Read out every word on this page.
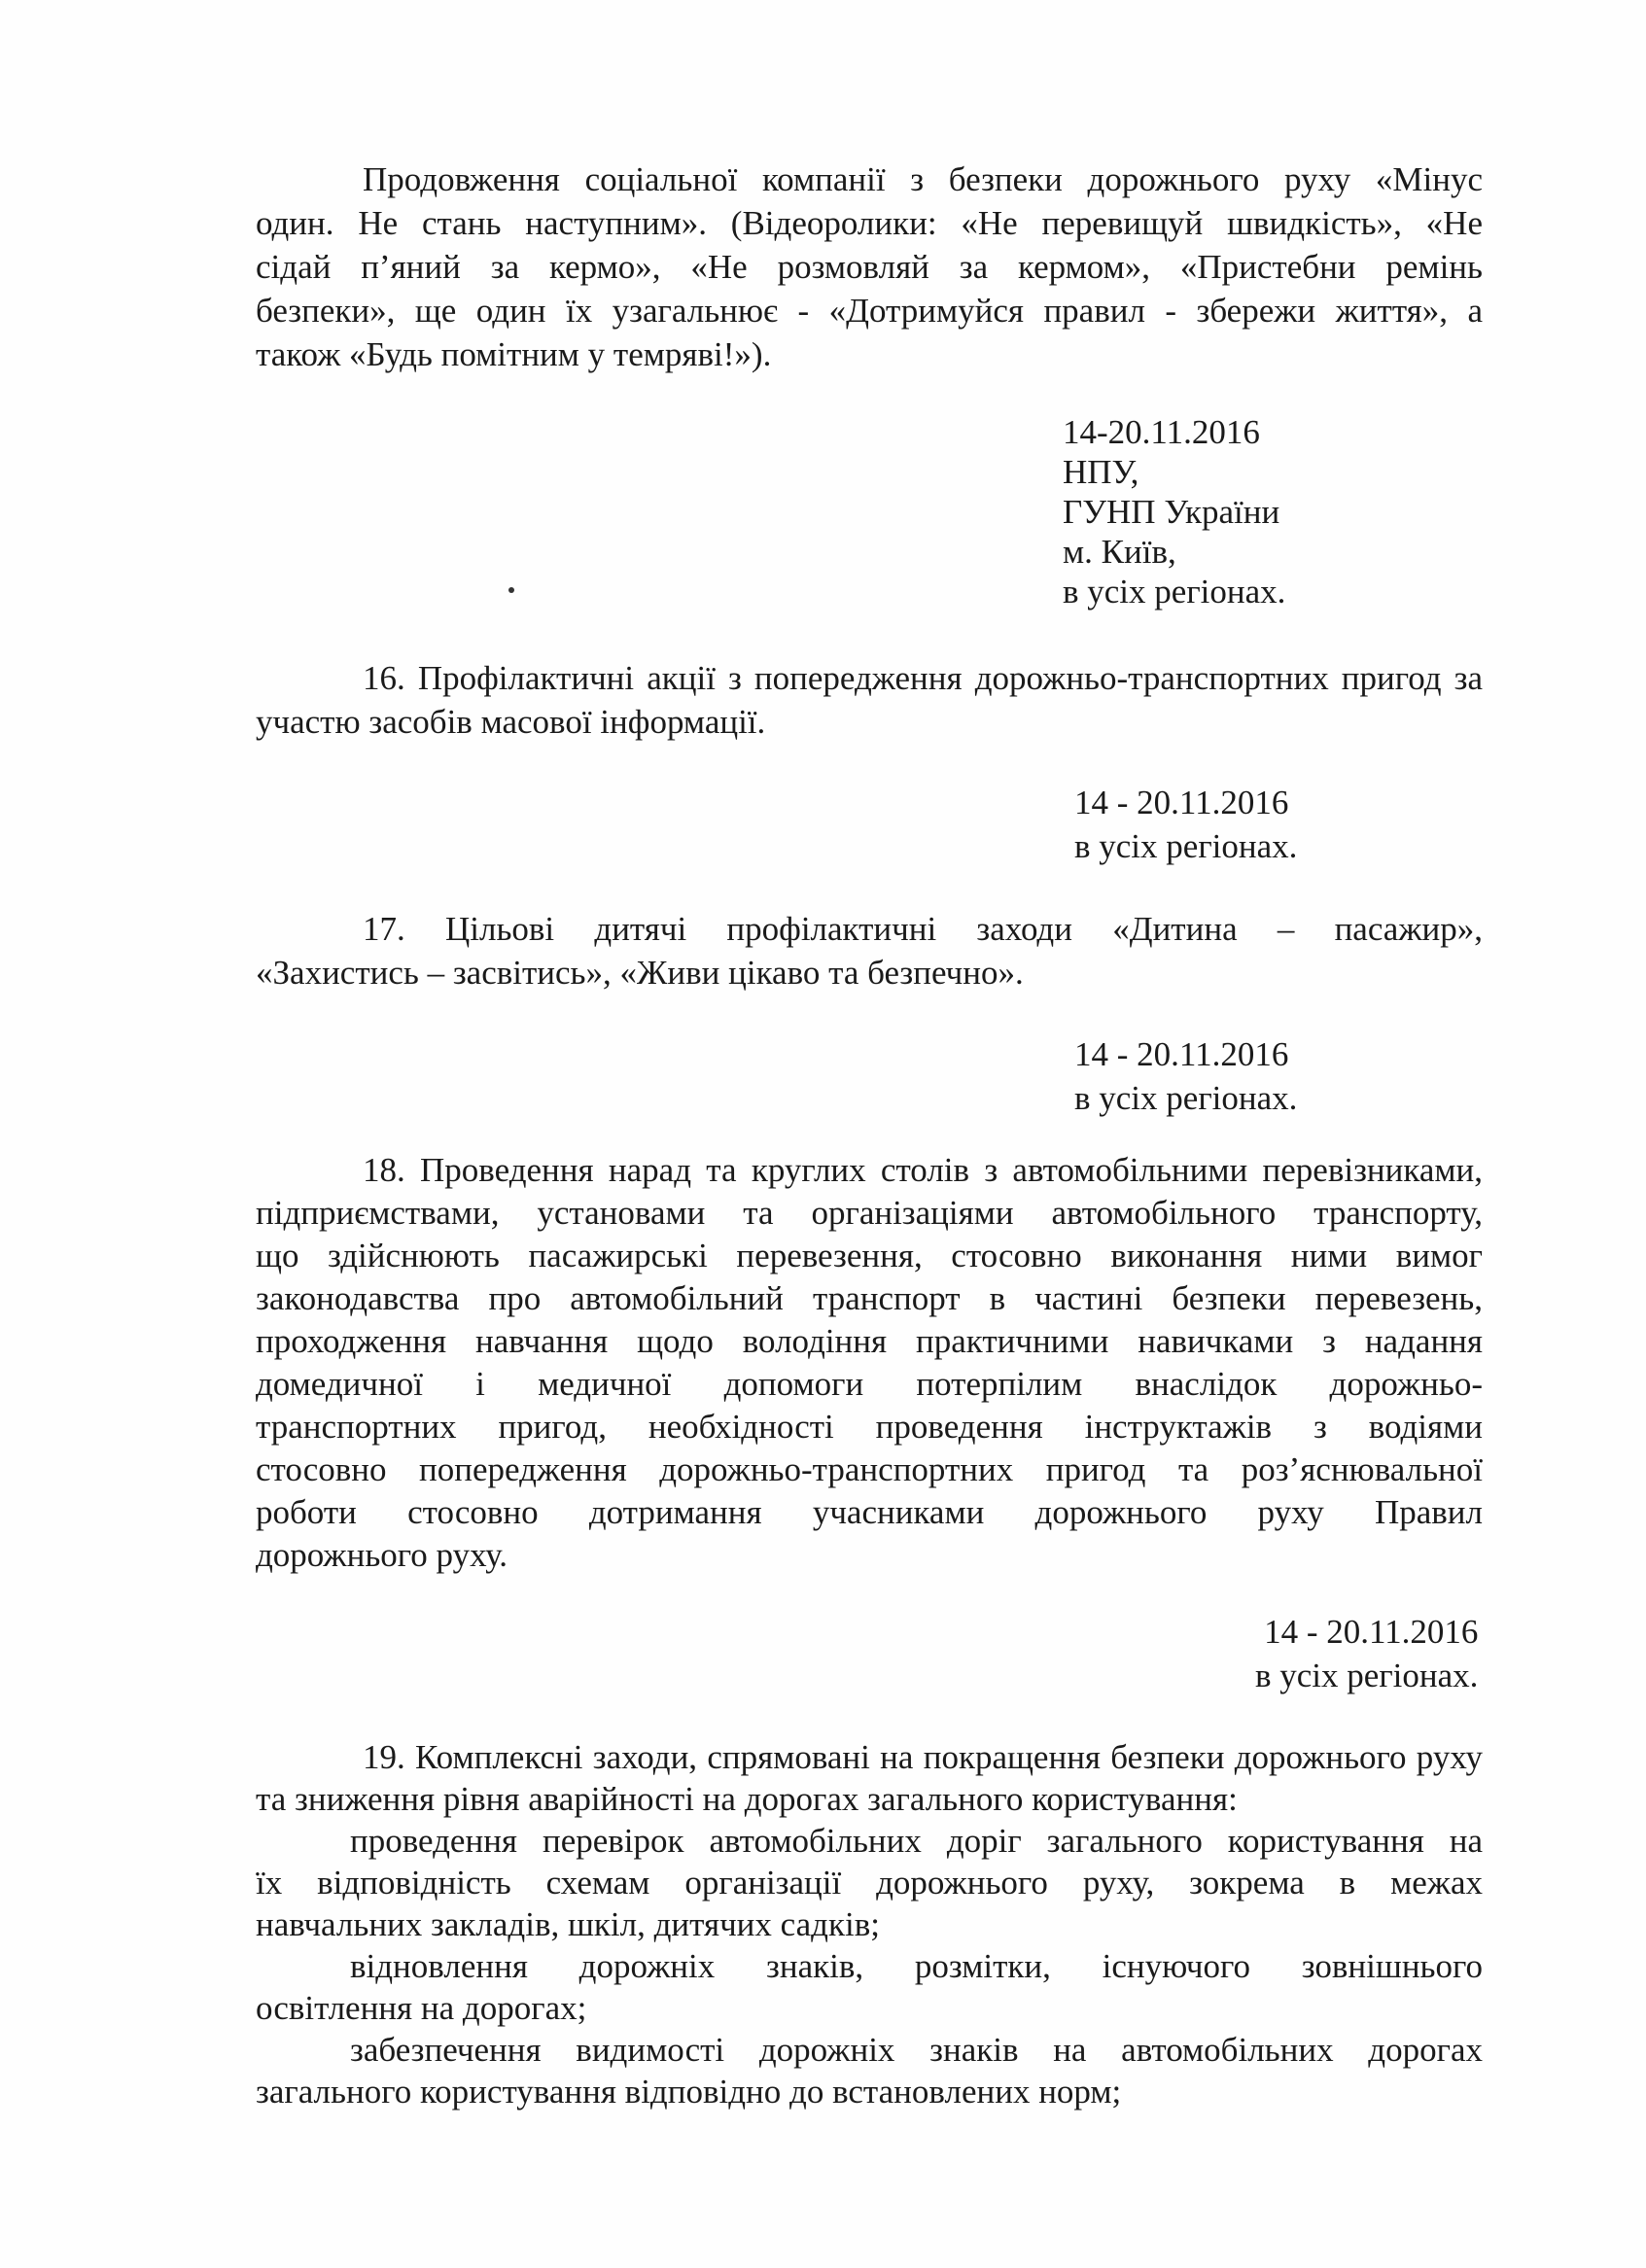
Продовження соціальної компанії з безпеки дорожнього руху «Мінус
один. Не стань наступним». (Відеоролики: «Не перевищуй швидкість», «Не
сідай п’яний за кермо», «Не розмовляй за кермом», «Пристебни ремінь
безпеки», ще один їх узагальнює - «Дотримуйся правил - збережи життя», а
також «Будь помітним у темряві!»).
14-20.11.2016
НПУ,
ГУНП України
м. Київ,
в усіх регіонах.
16. Профілактичні акції з попередження дорожньо-транспортних пригод за
участю засобів масової інформації.
14 - 20.11.2016
в усіх регіонах.
17. Цільові дитячі профілактичні заходи «Дитина – пасажир»,
«Захистись – засвітись», «Живи цікаво та безпечно».
14 - 20.11.2016
в усіх регіонах.
18. Проведення нарад та круглих столів з автомобільними перевізниками,
підприємствами, установами та організаціями автомобільного транспорту,
що здійснюють пасажирські перевезення, стосовно виконання ними вимог
законодавства про автомобільний транспорт в частині безпеки перевезень,
проходження навчання щодо володіння практичними навичками з надання
домедичної і медичної допомоги потерпілим внаслідок дорожньо-
транспортних пригод, необхідності проведення інструктажів з водіями
стосовно попередження дорожньо-транспортних пригод та роз’яснювальної
роботи стосовно дотримання учасниками дорожнього руху Правил
дорожнього руху.
14 - 20.11.2016
в усіх регіонах.
19. Комплексні заходи, спрямовані на покращення безпеки дорожнього руху
та зниження рівня аварійності на дорогах загального користування:
проведення перевірок автомобільних доріг загального користування на
їх відповідність схемам організації дорожнього руху, зокрема в межах
навчальних закладів, шкіл, дитячих садків;
відновлення дорожніх знаків, розмітки, існуючого зовнішнього
освітлення на дорогах;
забезпечення видимості дорожніх знаків на автомобільних дорогах
загального користування відповідно до встановлених норм;
